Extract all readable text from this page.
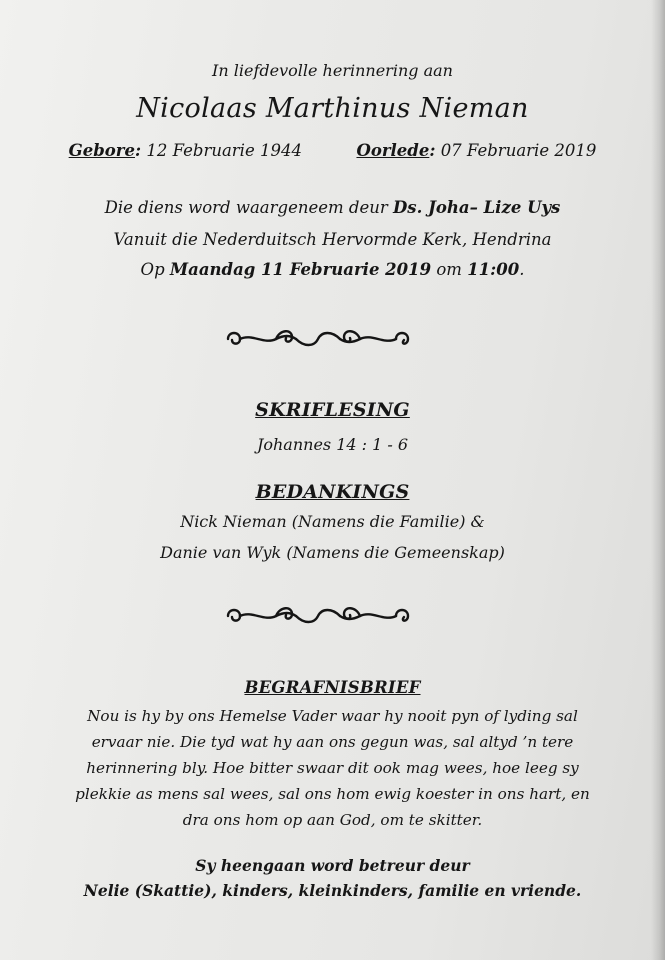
In liefdevolle herinnering aan
Nicolaas Marthinus Nieman
Gebore: 12 Februarie 1944	Oorlede: 07 Februarie 2019
Die diens word waargeneem deur Ds. Joha– Lize Uys
Vanuit die Nederduitsch Hervormde Kerk, Hendrina
Op Maandag 11 Februarie 2019 om 11:00.
SKRIFLESING
Johannes 14 : 1 - 6
BEDANKINGS
Nick Nieman (Namens die Familie) &
Danie van Wyk (Namens die Gemeenskap)
BEGRAFNISBRIEF
Nou is hy by ons Hemelse Vader waar hy nooit pyn of lyding sal
ervaar nie. Die tyd wat hy aan ons gegun was, sal altyd ’n tere
herinnering bly. Hoe bitter swaar dit ook mag wees, hoe leeg sy
plekkie as mens sal wees, sal ons hom ewig koester in ons hart, en
dra ons hom op aan God, om te skitter.
Sy heengaan word betreur deur
Nelie (Skattie), kinders, kleinkinders, familie en vriende.
